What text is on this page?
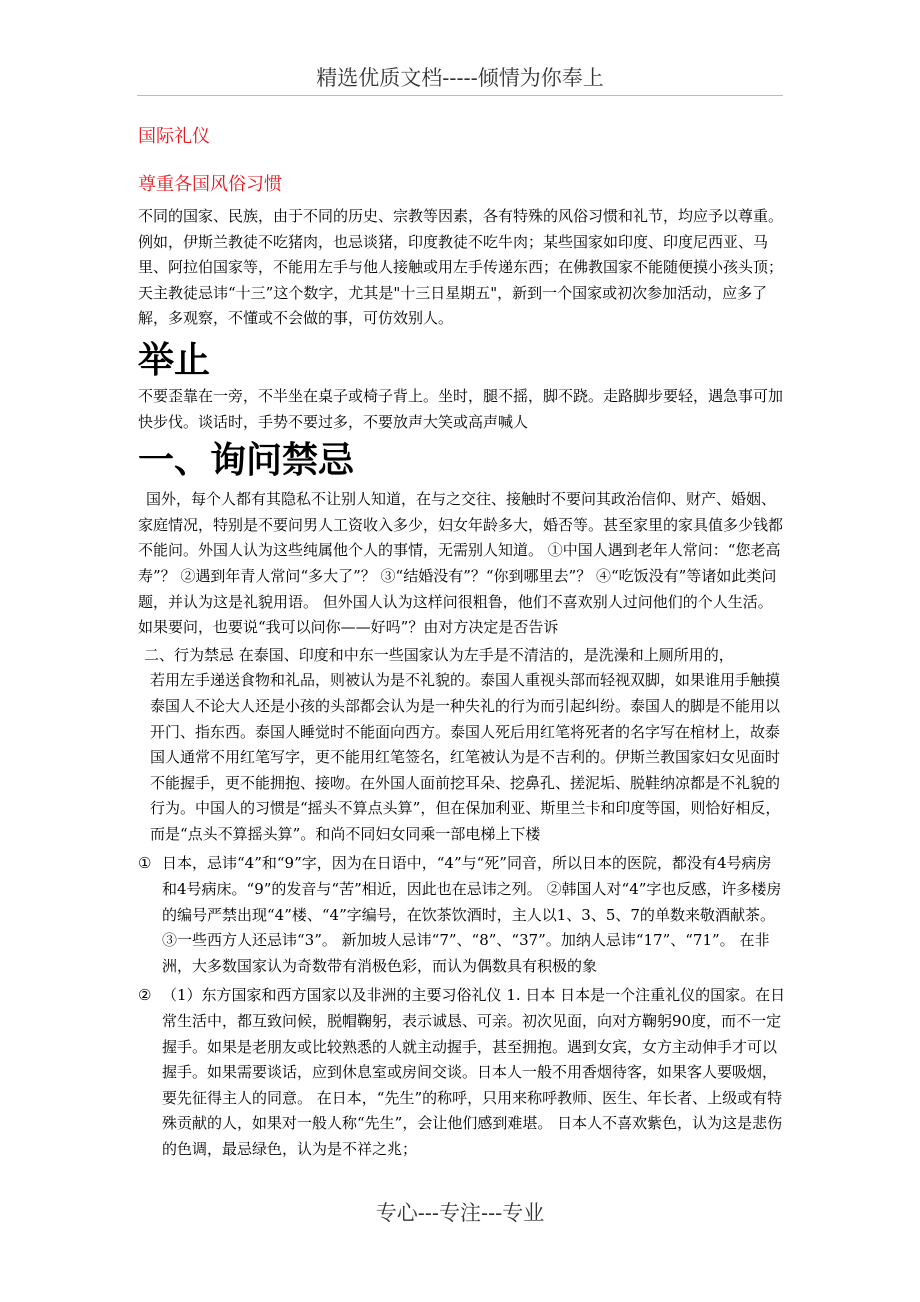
精选优质文档-----倾情为你奉上
国际礼仪
尊重各国风俗习惯

不同的国家、民族，由于不同的历史、宗教等因素，各有特殊的风俗习惯和礼节，均应予以尊重。例如，伊斯兰教徒不吃猪肉，也忌谈猪，印度教徒不吃牛肉；某些国家如印度、印度尼西亚、马里、阿拉伯国家等，不能用左手与他人接触或用左手传递东西；在佛教国家不能随便摸小孩头顶；天主教徒忌讳“十三”这个数字，尤其是"十三日星期五"，新到一个国家或初次参加活动，应多了解，多观察，不懂或不会做的事，可仿效别人。

举止

不要歪靠在一旁，不半坐在桌子或椅子背上。坐时，腿不摇，脚不跷。走路脚步要轻，遇急事可加快步伐。谈话时，手势不要过多，不要放声大笑或高声喊人

一、询问禁忌

国外，每个人都有其隐私不让别人知道，在与之交往、接触时不要问其政治信仰、财产、婚姻、家庭情况，特别是不要问男人工资收入多少，妇女年龄多大，婚否等。甚至家里的家具值多少钱都不能问。外国人认为这些纯属他个人的事情，无需别人知道。 ①中国人遇到老年人常问：“您老高寿”？ ②遇到年青人常问“多大了”？ ③“结婚没有”？“你到哪里去”？ ④“吃饭没有”等诸如此类问题，并认为这是礼貌用语。 但外国人认为这样问很粗鲁，他们不喜欢别人过问他们的个人生活。 如果要问，也要说“我可以问你——好吗”？由对方决定是否告诉

二、行为禁忌 在泰国、印度和中东一些国家认为左手是不清洁的，是洗澡和上厕所用的，

若用左手递送食物和礼品，则被认为是不礼貌的。泰国人重视头部而轻视双脚，如果谁用手触摸泰国人不论大人还是小孩的头部都会认为是一种失礼的行为而引起纠纷。泰国人的脚是不能用以开门、指东西。泰国人睡觉时不能面向西方。泰国人死后用红笔将死者的名字写在棺材上，故泰国人通常不用红笔写字，更不能用红笔签名，红笔被认为是不吉利的。伊斯兰教国家妇女见面时不能握手，更不能拥抱、接吻。在外国人面前挖耳朵、挖鼻孔、搓泥垢、脱鞋纳凉都是不礼貌的行为。中国人的习惯是“摇头不算点头算”，但在保加利亚、斯里兰卡和印度等国，则恰好相反，而是“点头不算摇头算”。和尚不同妇女同乘一部电梯上下楼

① 日本，忌讳“4”和“9”字，因为在日语中，“4”与“死”同音，所以日本的医院，都没有4号病房和4号病床。“9”的发音与“苦”相近，因此也在忌讳之列。 ②韩国人对“4”字也反感，许多楼房的编号严禁出现“4”楼、“4”字编号，在饮茶饮酒时，主人以1、3、5、7的单数来敬酒献茶。 ③一些西方人还忌讳“3”。 新加坡人忌讳“7”、“8”、“37”。加纳人忌讳“17”、“71”。 在非洲，大多数国家认为奇数带有消极色彩，而认为偶数具有积极的象

② （1）东方国家和西方国家以及非洲的主要习俗礼仪 1. 日本 日本是一个注重礼仪的国家。在日常生活中，都互致问候，脱帽鞠躬，表示诚恳、可亲。初次见面，向对方鞠躬90度，而不一定握手。如果是老朋友或比较熟悉的人就主动握手，甚至拥抱。遇到女宾，女方主动伸手才可以握手。如果需要谈话，应到休息室或房间交谈。日本人一般不用香烟待客，如果客人要吸烟，要先征得主人的同意。 在日本，“先生”的称呼，只用来称呼教师、医生、年长者、上级或有特殊贡献的人，如果对一般人称“先生”，会让他们感到难堪。 日本人不喜欢紫色，认为这是悲伤的色调，最忌绿色，认为是不祥之兆；

专心---专注---专业
